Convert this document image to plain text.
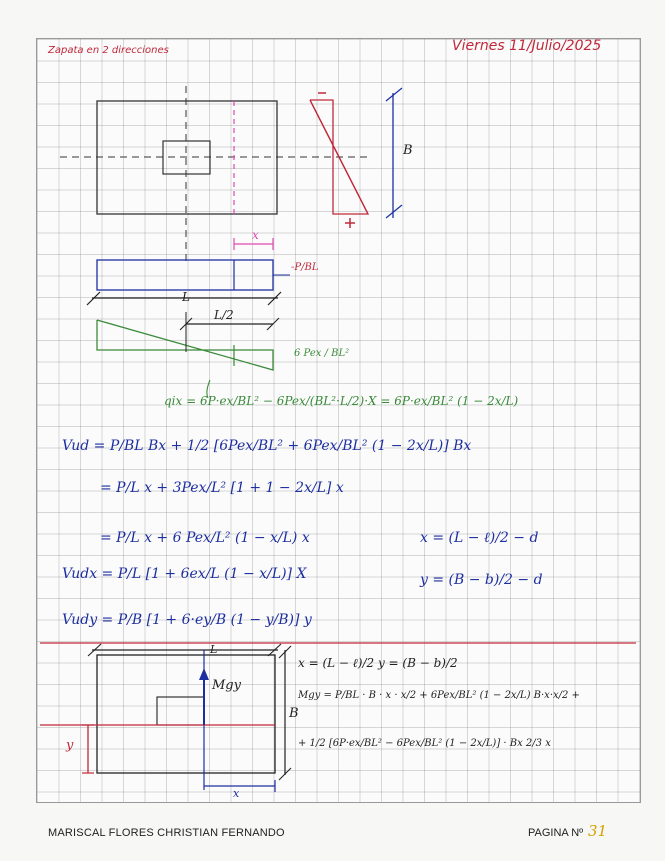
Zapata en 2 direcciones	Viernes 11/Julio/2025
B
x
-P/BL
L
L/2
6 Pex / BL²
qix = 6P·ex/BL² − 6Pex/(BL²·L/2)·X = 6P·ex/BL² (1 − 2x/L)
Vud = P/BL Bx + 1/2 [6Pex/BL² + 6Pex/BL² (1 − 2x/L)] Bx
= P/L x + 3Pex/L² [1 + 1 − 2x/L] x
= P/L x + 6 Pex/L² (1 − x/L) x	x = (L − ℓ)/2 − d
Vudx = P/L [1 + 6ex/L (1 − x/L)] X	y = (B − b)/2 − d
Vudy = P/B [1 + 6·ey/B (1 − y/B)] y
L
Mgy
B
y
x
x = (L − ℓ)/2 y = (B − b)/2
Mgy = P/BL · B · x · x/2 + 6Pex/BL² (1 − 2x/L) B·x·x/2 +
+ 1/2 [6P·ex/BL² − 6Pex/BL² (1 − 2x/L)] · Bx 2/3 x
MARISCAL FLORES CHRISTIAN FERNANDO	PAGINA Nº 31
